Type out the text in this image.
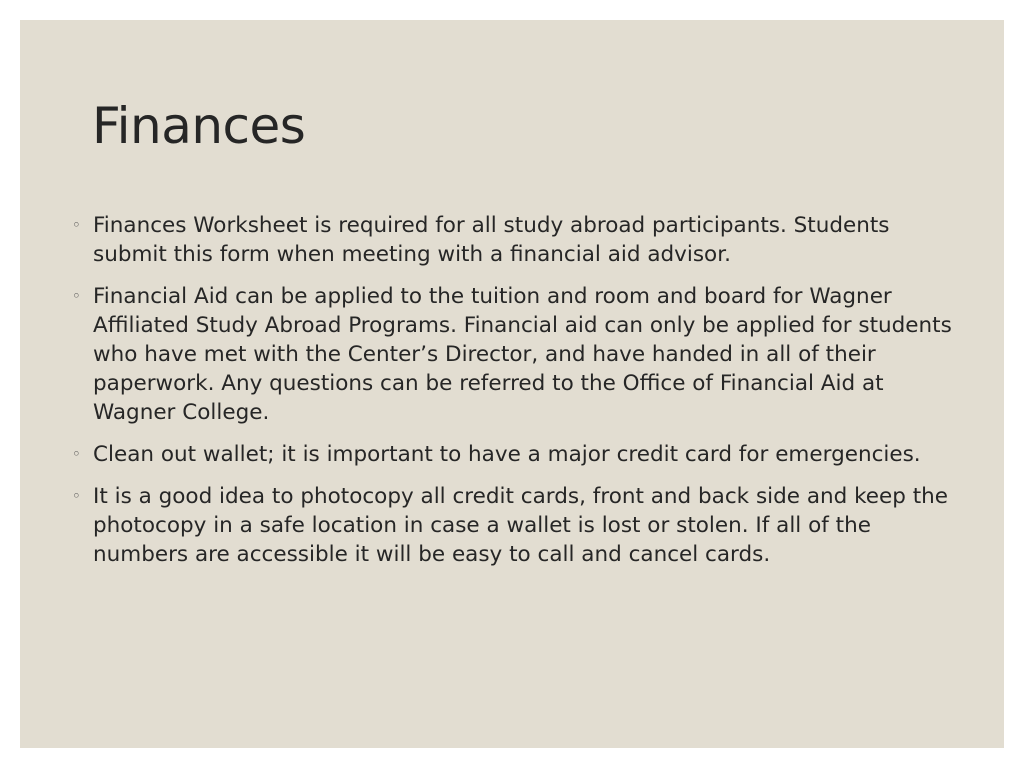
Finances
◦ Finances Worksheet is required for all study abroad participants. Students submit this form when meeting with a financial aid advisor.
◦ Financial Aid can be applied to the tuition and room and board for Wagner Affiliated Study Abroad Programs. Financial aid can only be applied for students who have met with the Center’s Director, and have handed in all of their paperwork. Any questions can be referred to the Office of Financial Aid at Wagner College.
◦ Clean out wallet; it is important to have a major credit card for emergencies.
◦ It is a good idea to photocopy all credit cards, front and back side and keep the photocopy in a safe location in case a wallet is lost or stolen. If all of the numbers are accessible it will be easy to call and cancel cards.
